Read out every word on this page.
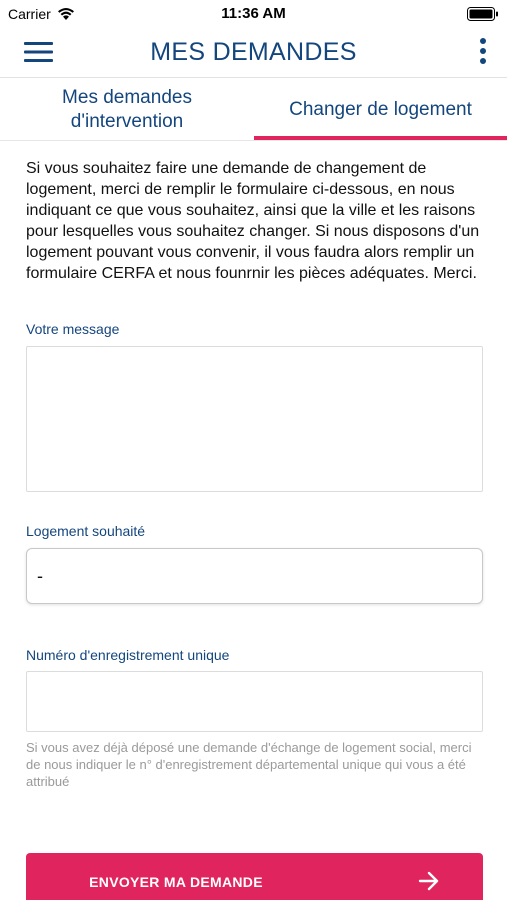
Carrier	11:36 AM
MES DEMANDES
Mes demandes d'intervention
Changer de logement

Si vous souhaitez faire une demande de changement de logement, merci de remplir le formulaire ci-dessous, en nous indiquant ce que vous souhaitez, ainsi que la ville et les raisons pour lesquelles vous souhaitez changer. Si nous disposons d'un logement pouvant vous convenir, il vous faudra alors remplir un formulaire CERFA et nous founrnir les pièces adéquates. Merci.

Votre message
Logement souhaité
-
Numéro d'enregistrement unique

Si vous avez déjà déposé une demande d'échange de logement social, merci de nous indiquer le n° d'enregistrement départemental unique qui vous a été attribué

ENVOYER MA DEMANDE
